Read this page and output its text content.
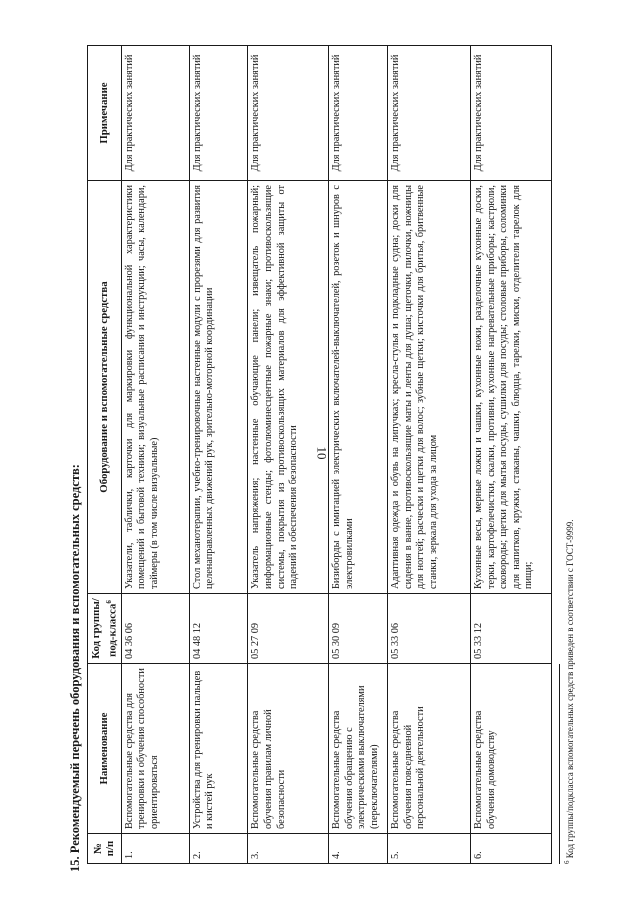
10
15. Рекомендуемый перечень оборудования и вспомогательных средств: № п/п	Наименование	Код группы/под-класса$^6$	Оборудование и вспомогательные средства	Примечание
1.	Вспомогательные средства для тренировки и обучения способности ориентироваться	04 36 06	Указатели, таблички, карточки для маркировки функциональной характеристики помещений и бытовой техники; визуальные расписания и инструкции; часы, календари, таймеры (в том числе визуальные)	Для практических занятий
2.	Устройства для тренировки пальцев и кистей рук	04 48 12	Стол механотерапии, учебно-тренировочные настенные модули с прорезями для развития целенаправленных движений рук, зрительно-моторной координации	Для практических занятий
3.	Вспомогательные средства обучения правилам личной безопасности	05 27 09	Указатель напряжения; настенные обучающие панели; извещатель пожарный; информационные стенды; фотолюминесцентные пожарные знаки; противоскользящие системы, покрытия из противоскользящих материалов для эффективной защиты от падений и обеспечения безопасности	Для практических занятий
4.	Вспомогательные средства обучения обращению с электрическими выключателями (переключателями)	05 30 09	Бизиборды с имитацией электрических включателей-выключателей, розеток и шнуров с электровилками	Для практических занятий
5.	Вспомогательные средства обучения повседневной персональной деятельности	05 33 06	Адаптивная одежда и обувь на липучках; кресла-стулья и подкладные судна; доски для сидения в ванне, противоскользящие маты и ленты для душа; щеточки, пилочки, ножницы для ногтей; расчески и щетки для волос; зубные щетки; кисточки для бритья, бритвенные станки, зеркала для ухода за лицом	Для практических занятий
6.	Вспомогательные средства обучения домоводству	05 33 12	Кухонные весы, мерные ложки и чашки, кухонные ножи, разделочные кухонные доски, терки, картофелечистки, скалки, противни, кухонные нагревательные приборы; кастрюли, сковороды; щетки для мытья посуды, сушилки для посуды; столовые приборы, соломинки для напитков, кружки, стаканы, чашки, блюдца, тарелки, миски, отделители тарелок для пищи;	Для практических занятий
$^6$ Код группы/подкласса вспомогательных средств приведен в соответствии с ГОСТ-9999.
